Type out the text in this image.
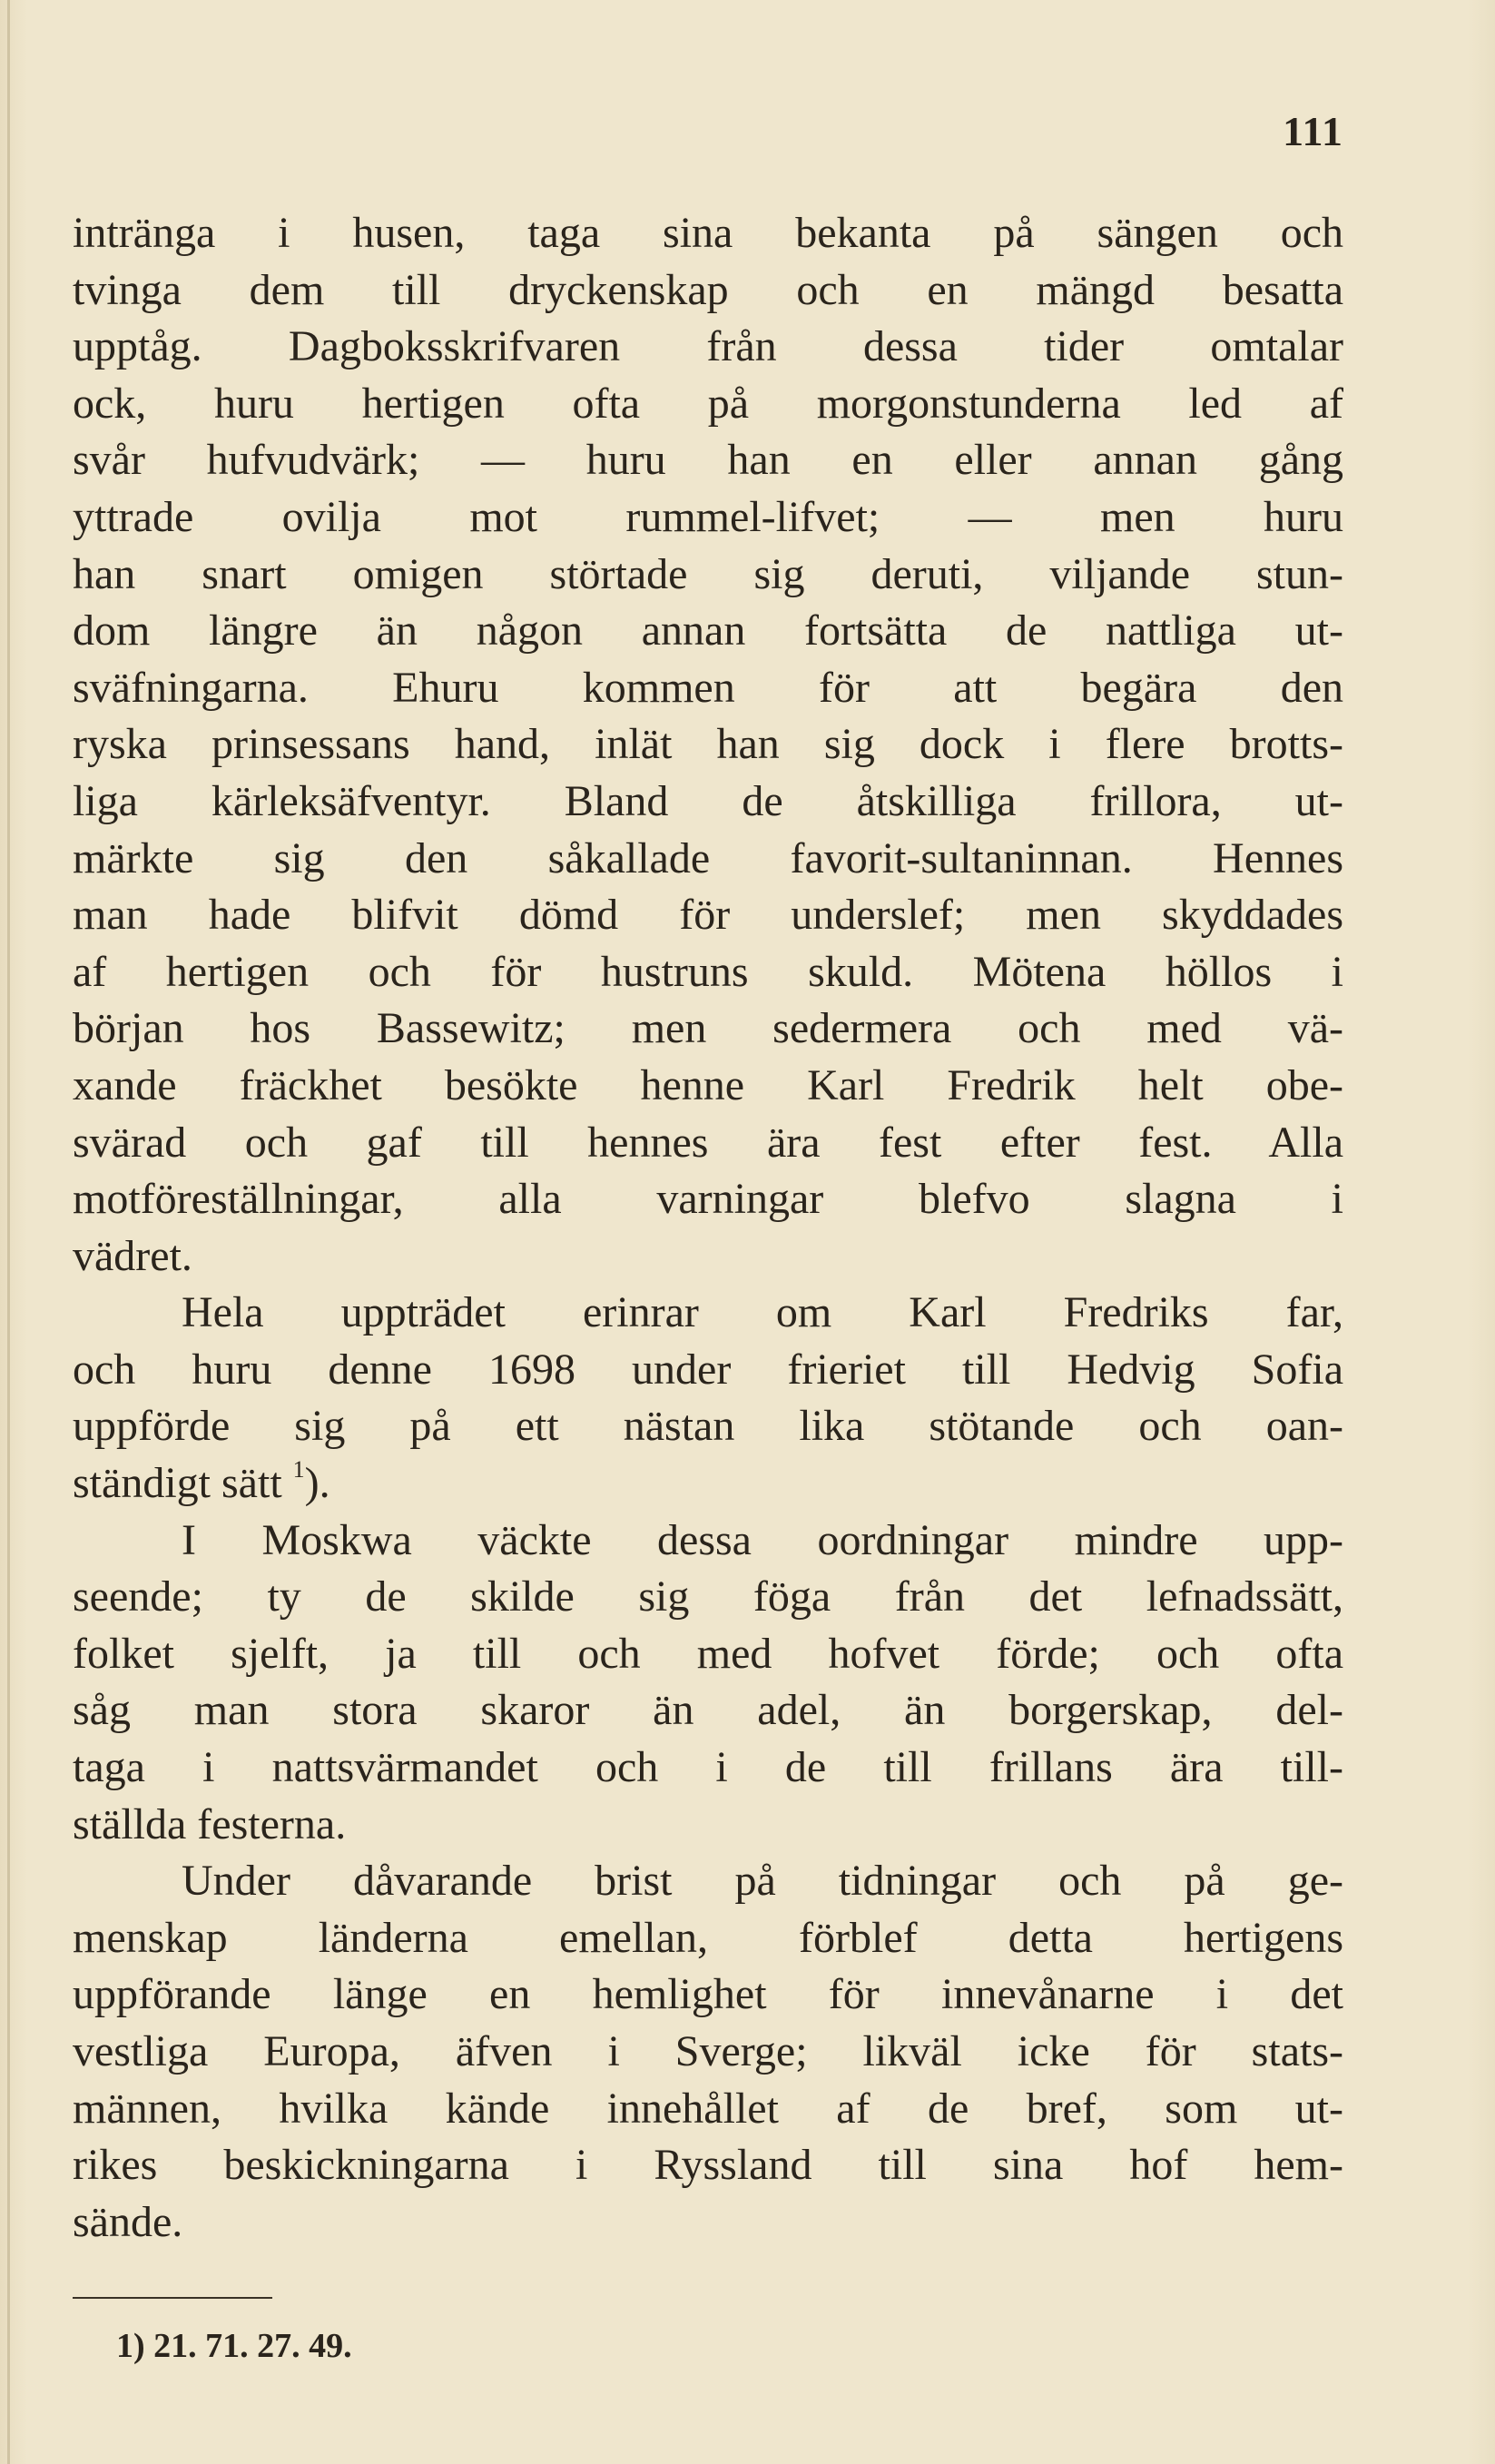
111
intränga i husen, taga sina bekanta på sängen och
tvinga dem till dryckenskap och en mängd besatta
upptåg. Dagboksskrifvaren från dessa tider omtalar
ock, huru hertigen ofta på morgonstunderna led af
svår hufvudvärk; — huru han en eller annan gång
yttrade ovilja mot rummel-lifvet; — men huru
han snart omigen störtade sig deruti, viljande stun-
dom längre än någon annan fortsätta de nattliga ut-
sväfningarna. Ehuru kommen för att begära den
ryska prinsessans hand, inlät han sig dock i flere brotts-
liga kärleksäfventyr. Bland de åtskilliga frillora, ut-
märkte sig den såkallade favorit-sultaninnan. Hennes
man hade blifvit dömd för underslef; men skyddades
af hertigen och för hustruns skuld. Mötena höllos i
början hos Bassewitz; men sedermera och med vä-
xande fräckhet besökte henne Karl Fredrik helt obe-
svärad och gaf till hennes ära fest efter fest. Alla
motföreställningar, alla varningar blefvo slagna i
vädret.
Hela uppträdet erinrar om Karl Fredriks far,
och huru denne 1698 under frieriet till Hedvig Sofia
uppförde sig på ett nästan lika stötande och oan-
ständigt sätt $^1$).
I Moskwa väckte dessa oordningar mindre upp-
seende; ty de skilde sig föga från det lefnadssätt,
folket sjelft, ja till och med hofvet förde; och ofta
såg man stora skaror än adel, än borgerskap, del-
taga i nattsvärmandet och i de till frillans ära till-
ställda festerna.
Under dåvarande brist på tidningar och på ge-
menskap länderna emellan, förblef detta hertigens
uppförande länge en hemlighet för innevånarne i det
vestliga Europa, äfven i Sverge; likväl icke för stats-
männen, hvilka kände innehållet af de bref, som ut-
rikes beskickningarna i Ryssland till sina hof hem-
sände.
1) 21. 71. 27. 49.
